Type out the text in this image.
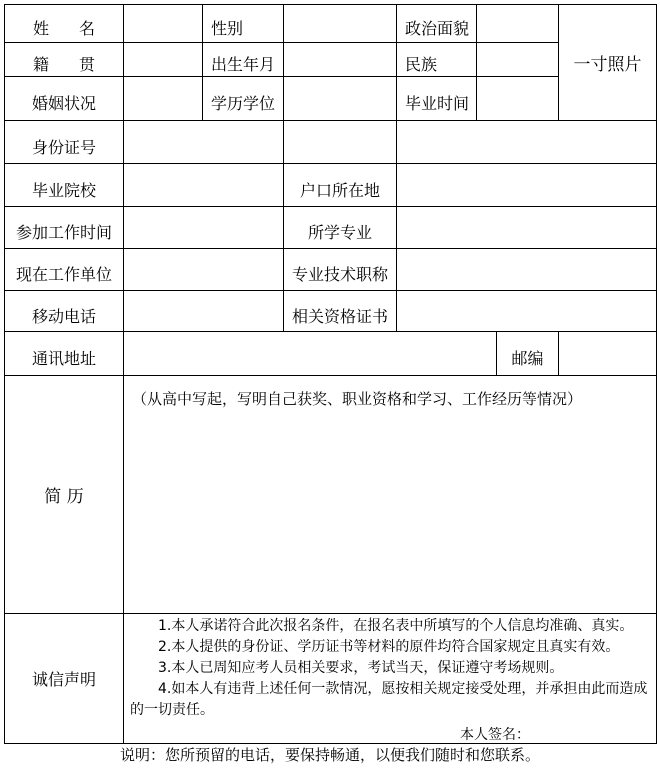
姓 名	性 别	政治面貌
一寸照片
籍 贯	出生年月	民 族
婚姻状况	学历学位	毕业时间
身份证号
毕业院校	户口所在地
参加工作时间	所学专业
现在工作单位	专业技术职称
移动电话	相关资格证书
通讯地址	邮编
简 历
（从高中写起，写明自己获奖、职业资格和学习、工作经历等情况）
诚信声明

1.本人承诺符合此次报名条件，在报名表中所填写的个人信息均准确、真实。

2.本人提供的身份证、学历证书等材料的原件均符合国家规定且真实有效。

3.本人已周知应考人员相关要求，考试当天，保证遵守考场规则。

4.如本人有违背上述任何一款情况，愿按相关规定接受处理，并承担由此而造成的一切责任。

本人签名：

说明：您所预留的电话，要保持畅通，以便我们随时和您联系。
